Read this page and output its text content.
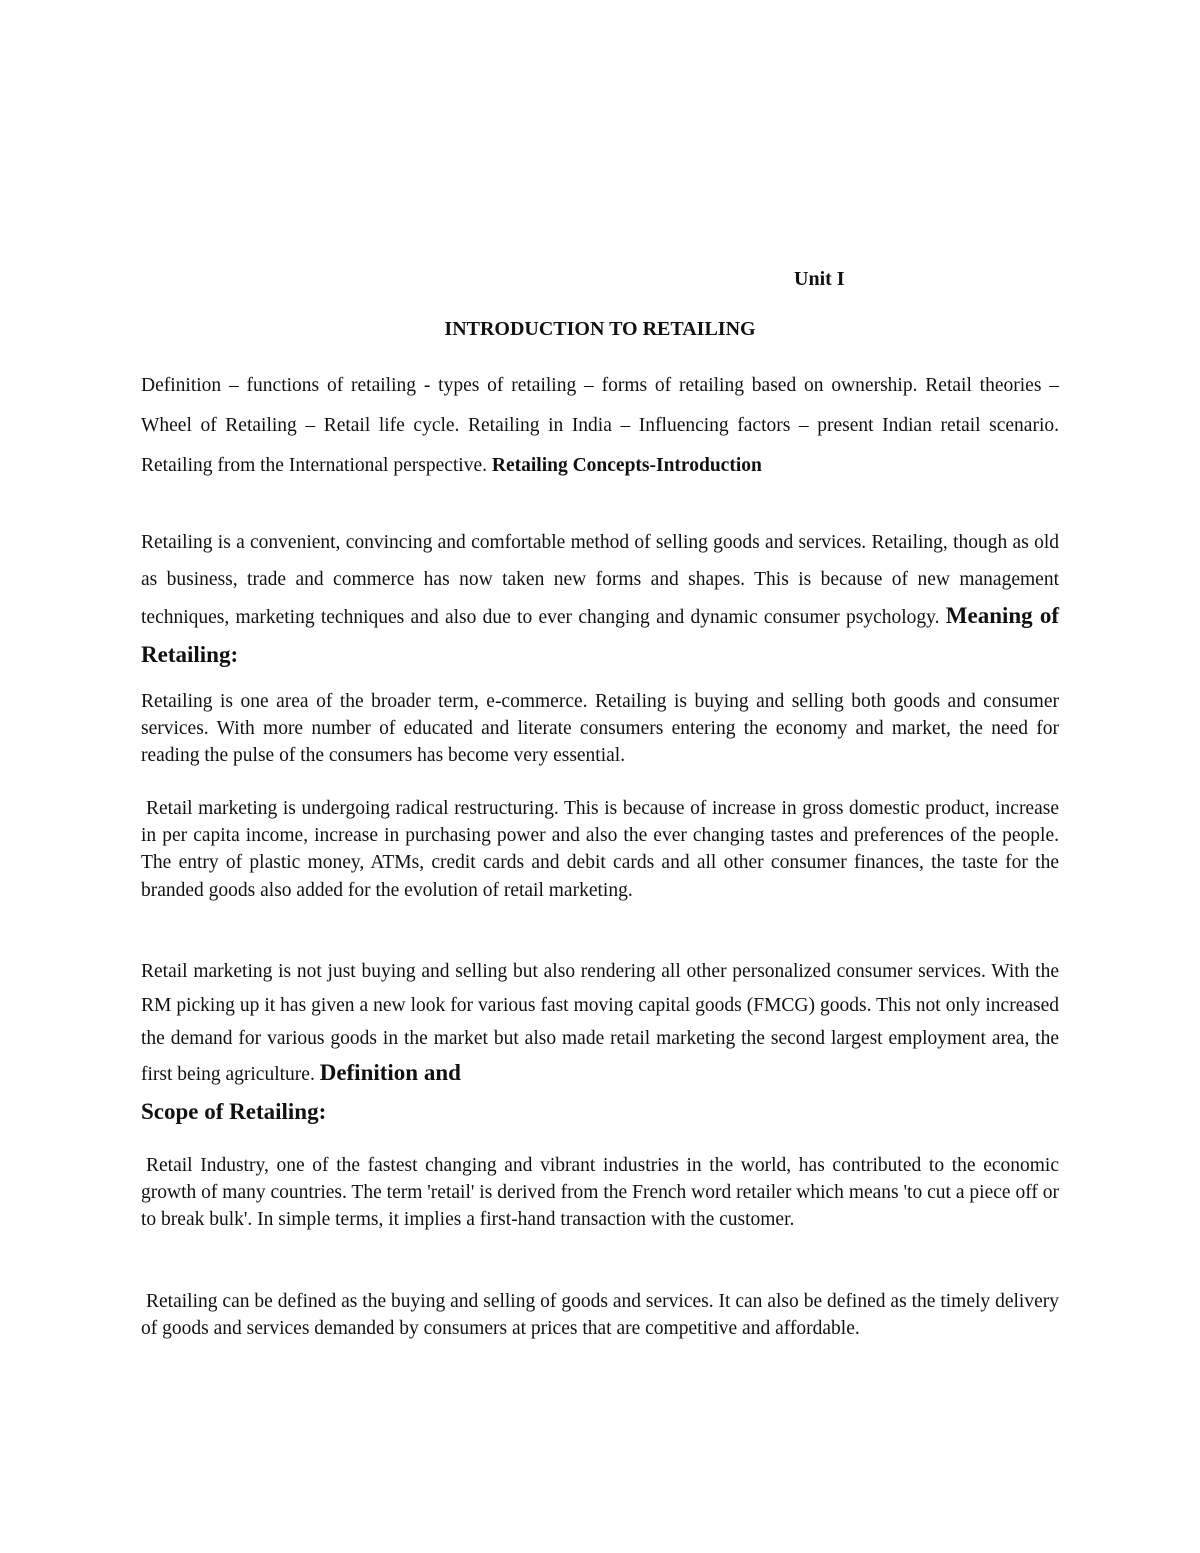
Unit I
INTRODUCTION TO RETAILING

Definition – functions of retailing - types of retailing – forms of retailing based on ownership. Retail theories – Wheel of Retailing – Retail life cycle. Retailing in India – Influencing factors – present Indian retail scenario. Retailing from the International perspective. Retailing Concepts-Introduction

Retailing is a convenient, convincing and comfortable method of selling goods and services. Retailing, though as old as business, trade and commerce has now taken new forms and shapes. This is because of new management techniques, marketing techniques and also due to ever changing and dynamic consumer psychology. Meaning of Retailing:

Retailing is one area of the broader term, e-commerce. Retailing is buying and selling both goods and consumer services. With more number of educated and literate consumers entering the economy and market, the need for reading the pulse of the consumers has become very essential.

Retail marketing is undergoing radical restructuring. This is because of increase in gross domestic product, increase in per capita income, increase in purchasing power and also the ever changing tastes and preferences of the people. The entry of plastic money, ATMs, credit cards and debit cards and all other consumer finances, the taste for the branded goods also added for the evolution of retail marketing.

Retail marketing is not just buying and selling but also rendering all other personalized consumer services. With the RM picking up it has given a new look for various fast moving capital goods (FMCG) goods. This not only increased the demand for various goods in the market but also made retail marketing the second largest employment area, the first being agriculture. Definition and
Scope of Retailing:

Retail Industry, one of the fastest changing and vibrant industries in the world, has contributed to the economic growth of many countries. The term 'retail' is derived from the French word retailer which means 'to cut a piece off or to break bulk'. In simple terms, it implies a first-hand transaction with the customer.

Retailing can be defined as the buying and selling of goods and services. It can also be defined as the timely delivery of goods and services demanded by consumers at prices that are competitive and affordable.
